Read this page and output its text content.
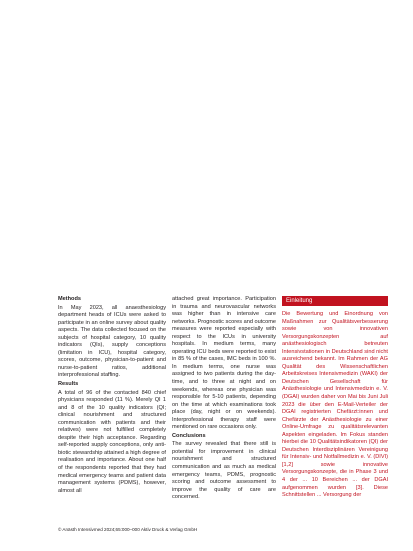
Methods

In May 2023, all anaesthesiology department heads of ICUs were asked to participate in an online survey about quality aspects. The data collected focused on the subjects of hospital category, 10 quality indicators (QIs), supply conceptions (limitation in ICU), hospital category, scores, outcome, physician-to-patient and nurse-to-patient ratios, additional interprofessional staffing.

Results

A total of 96 of the contacted 840 chief physicians responded (11 %). Merely QI 1 and 8 of the 10 quality indicators (QI; clinical nourishment and structured communication with patients and their relatives) were not fulfilled completely despite their high acceptance. Regarding self-reported supply conceptions, only anti-biotic stewardship attained a high degree of realisation and importance. About one half of the respondents reported that they had medical emergency teams and patient data management systems (PDMS), however, almost all

attached great importance. Participation in trauma and neurovascular networks was higher than in intensive care networks. Prognostic scores and outcome measures were reported especially with respect to the ICUs in university hospitals. In medium terms, many operating ICU beds were reported to exist in 85 % of the cases, IMC beds in 100 %. In medium terms, one nurse was assigned to two patients during the day-time, and to three at night and on weekends, whereas one physician was responsible for 5-10 patients, depending on the time at which examinations took place (day, night or on weekends). Interprofessional therapy staff were mentioned on rare occasions only.

Conclusions

The survey revealed that there still is potential for improvement in clinical nourishment and structured communication and as much as medical emergency teams, PDMS, prognostic scoring and outcome assessment to improve the quality of care are concerned.

Einleitung

Die Bewertung und Einordnung von Maßnahmen zur Qualitätsverbesserung sowie von innovativen Versorgungskonzepten auf anästhesiologisch betreuten Intensivstationen in Deutschland sind nicht ausreichend bekannt. Im Rahmen der AG Qualität des Wissenschaftlichen Arbeitskreises Intensivmedizin (WAKI) der Deutschen Gesellschaft für Anästhesiologie und Intensivmedizin e. V. (DGAI) wurden daher von Mai bis Juni Juli 2023 die über den E-Mail-Verteiler der DGAI registrierten Chefärzt:innen und Chefärzte der Anästhesiologie zu einer Online-Umfrage zu qualitätsrelevanten Aspekten eingeladen. Im Fokus standen hierbei die 10 Qualitätsindikatoren (QI) der Deutschen Interdisziplinären Vereinigung für Intensiv- und Notfallmedizin e. V. (DIVI) [1,2] sowie innovative Versorgungskonzepte, die in Phase 3 und 4 der ... 10 Bereichen ... der DGAI aufgenommen wurden [3]. Diese Schnittstellen ... Versorgung der

© Anästh Intensivmed 2024;65:000–000 Aktiv Druck & Verlag GmbH
